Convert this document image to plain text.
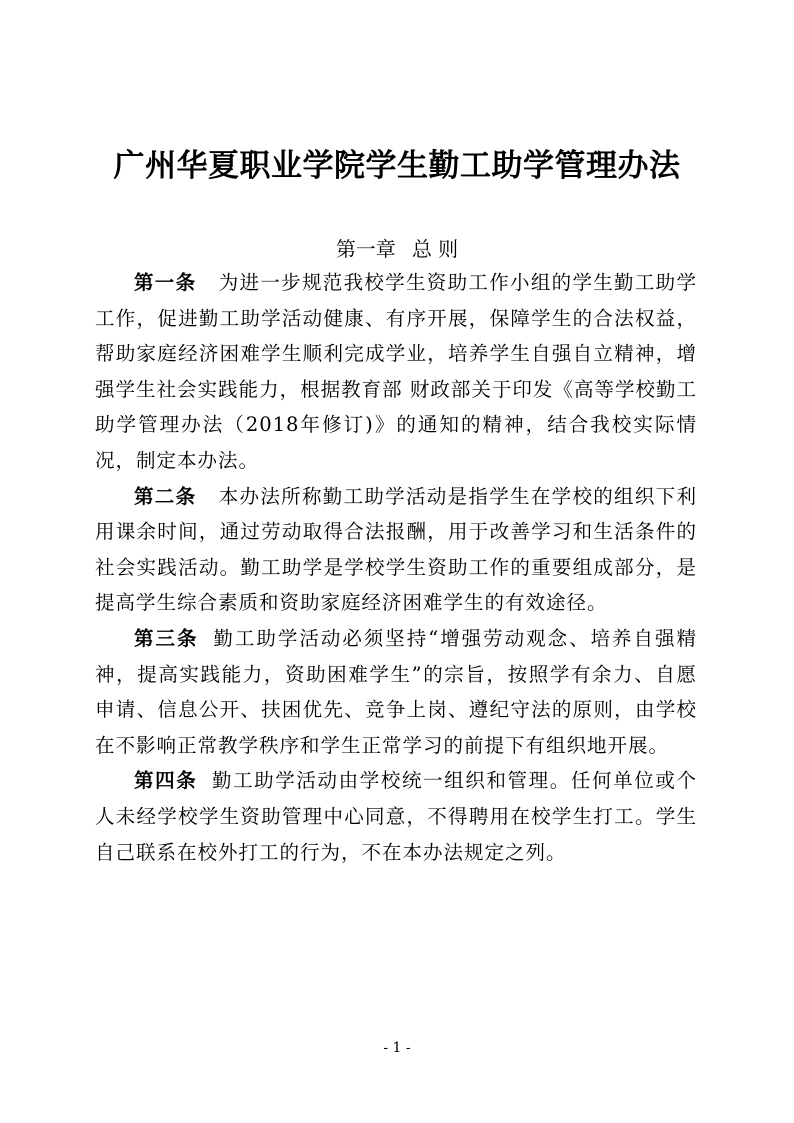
广州华夏职业学院学生勤工助学管理办法
第一章 总 则

第一条 为进一步规范我校学生资助工作小组的学生勤工助学工作，促进勤工助学活动健康、有序开展，保障学生的合法权益，帮助家庭经济困难学生顺利完成学业，培养学生自强自立精神，增强学生社会实践能力，根据教育部 财政部关于印发《高等学校勤工助学管理办法（2018年修订)》的通知的精神，结合我校实际情况，制定本办法。

第二条 本办法所称勤工助学活动是指学生在学校的组织下利用课余时间，通过劳动取得合法报酬，用于改善学习和生活条件的社会实践活动。勤工助学是学校学生资助工作的重要组成部分，是提高学生综合素质和资助家庭经济困难学生的有效途径。

第三条 勤工助学活动必须坚持“增强劳动观念、培养自强精神，提高实践能力，资助困难学生”的宗旨，按照学有余力、自愿申请、信息公开、扶困优先、竞争上岗、遵纪守法的原则，由学校在不影响正常教学秩序和学生正常学习的前提下有组织地开展。

第四条 勤工助学活动由学校统一组织和管理。任何单位或个人未经学校学生资助管理中心同意，不得聘用在校学生打工。学生自己联系在校外打工的行为，不在本办法规定之列。

- 1 -
